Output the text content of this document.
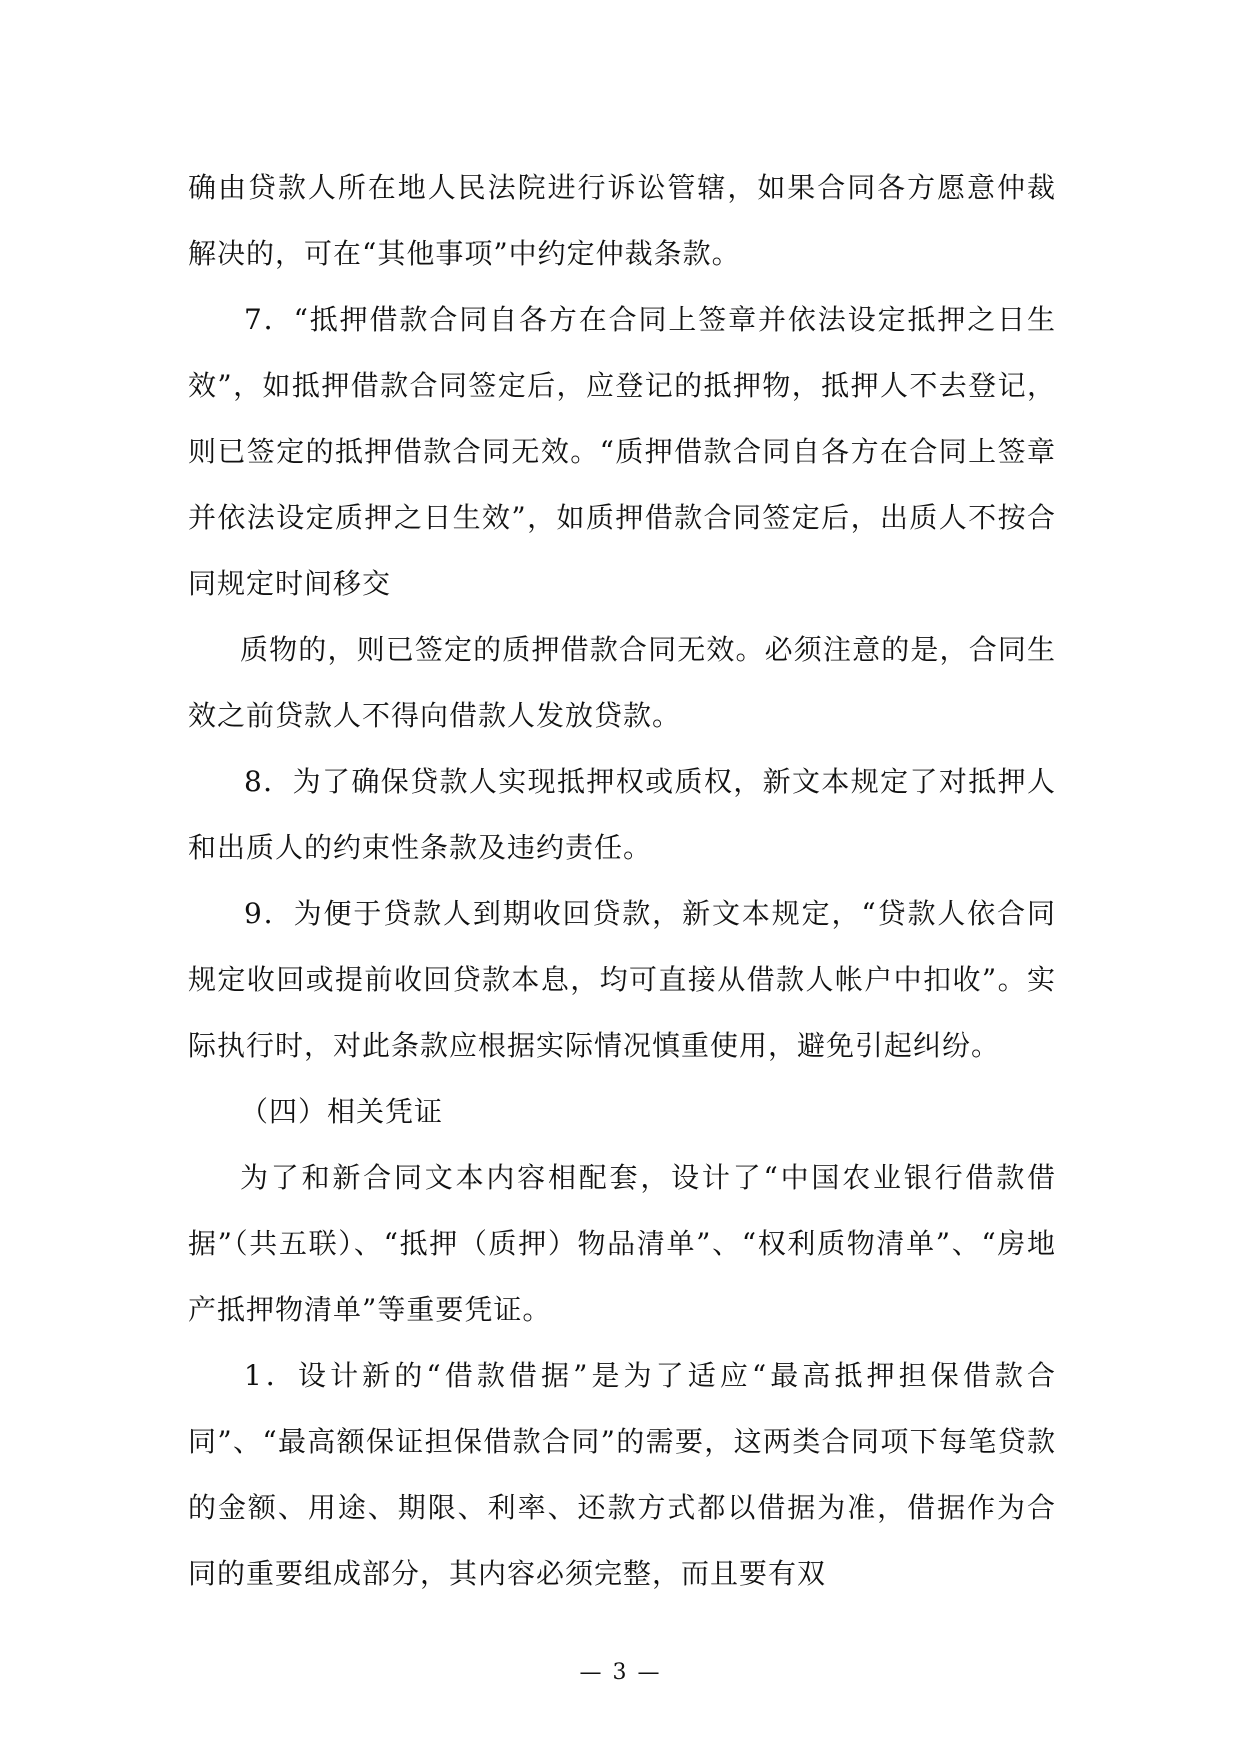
确由贷款人所在地人民法院进行诉讼管辖，如果合同各方愿意仲裁解决的，可在“其他事项”中约定仲裁条款。

7．“抵押借款合同自各方在合同上签章并依法设定抵押之日生效”，如抵押借款合同签定后，应登记的抵押物，抵押人不去登记，则已签定的抵押借款合同无效。“质押借款合同自各方在合同上签章并依法设定质押之日生效”，如质押借款合同签定后，出质人不按合同规定时间移交

质物的，则已签定的质押借款合同无效。必须注意的是，合同生效之前贷款人不得向借款人发放贷款。

8．为了确保贷款人实现抵押权或质权，新文本规定了对抵押人和出质人的约束性条款及违约责任。

9．为便于贷款人到期收回贷款，新文本规定，“贷款人依合同规定收回或提前收回贷款本息，均可直接从借款人帐户中扣收”。实际执行时，对此条款应根据实际情况慎重使用，避免引起纠纷。

（四）相关凭证

为了和新合同文本内容相配套，设计了“中国农业银行借款借据”（共五联）、“抵押（质押）物品清单”、“权利质物清单”、“房地产抵押物清单”等重要凭证。

1．设计新的“借款借据”是为了适应“最高抵押担保借款合同”、“最高额保证担保借款合同”的需要，这两类合同项下每笔贷款的金额、用途、期限、利率、还款方式都以借据为准，借据作为合同的重要组成部分，其内容必须完整，而且要有双

— 3 —
